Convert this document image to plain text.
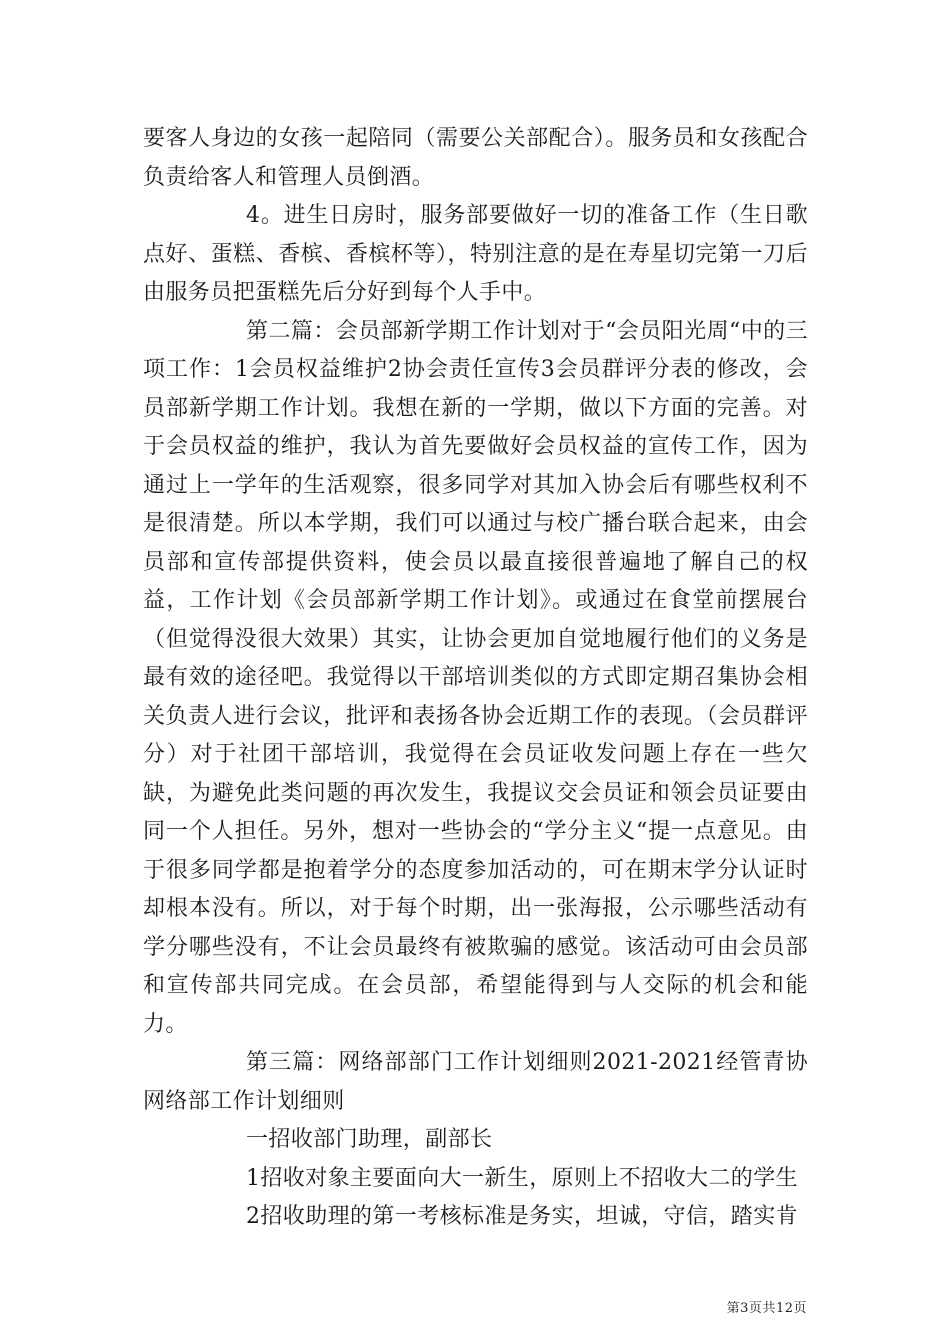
要客人身边的女孩一起陪同（需要公关部配合）。服务员和女孩配合负责给客人和管理人员倒酒。

4。进生日房时，服务部要做好一切的准备工作（生日歌点好、蛋糕、香槟、香槟杯等），特别注意的是在寿星切完第一刀后由服务员把蛋糕先后分好到每个人手中。

第二篇：会员部新学期工作计划对于“会员阳光周“中的三项工作：1会员权益维护2协会责任宣传3会员群评分表的修改，会员部新学期工作计划。我想在新的一学期，做以下方面的完善。对于会员权益的维护，我认为首先要做好会员权益的宣传工作，因为通过上一学年的生活观察，很多同学对其加入协会后有哪些权利不是很清楚。所以本学期，我们可以通过与校广播台联合起来，由会员部和宣传部提供资料，使会员以最直接很普遍地了解自己的权益，工作计划《会员部新学期工作计划》。或通过在食堂前摆展台（但觉得没很大效果）其实，让协会更加自觉地履行他们的义务是最有效的途径吧。我觉得以干部培训类似的方式即定期召集协会相关负责人进行会议，批评和表扬各协会近期工作的表现。（会员群评分）对于社团干部培训，我觉得在会员证收发问题上存在一些欠缺，为避免此类问题的再次发生，我提议交会员证和领会员证要由同一个人担任。另外，想对一些协会的“学分主义“提一点意见。由于很多同学都是抱着学分的态度参加活动的，可在期末学分认证时却根本没有。所以，对于每个时期，出一张海报，公示哪些活动有学分哪些没有，不让会员最终有被欺骗的感觉。该活动可由会员部和宣传部共同完成。在会员部，希望能得到与人交际的机会和能力。

第三篇：网络部部门工作计划细则2021-2021经管青协网络部工作计划细则

一招收部门助理，副部长

1招收对象主要面向大一新生，原则上不招收大二的学生

2招收助理的第一考核标准是务实，坦诚，守信，踏实肯

第3页共12页
